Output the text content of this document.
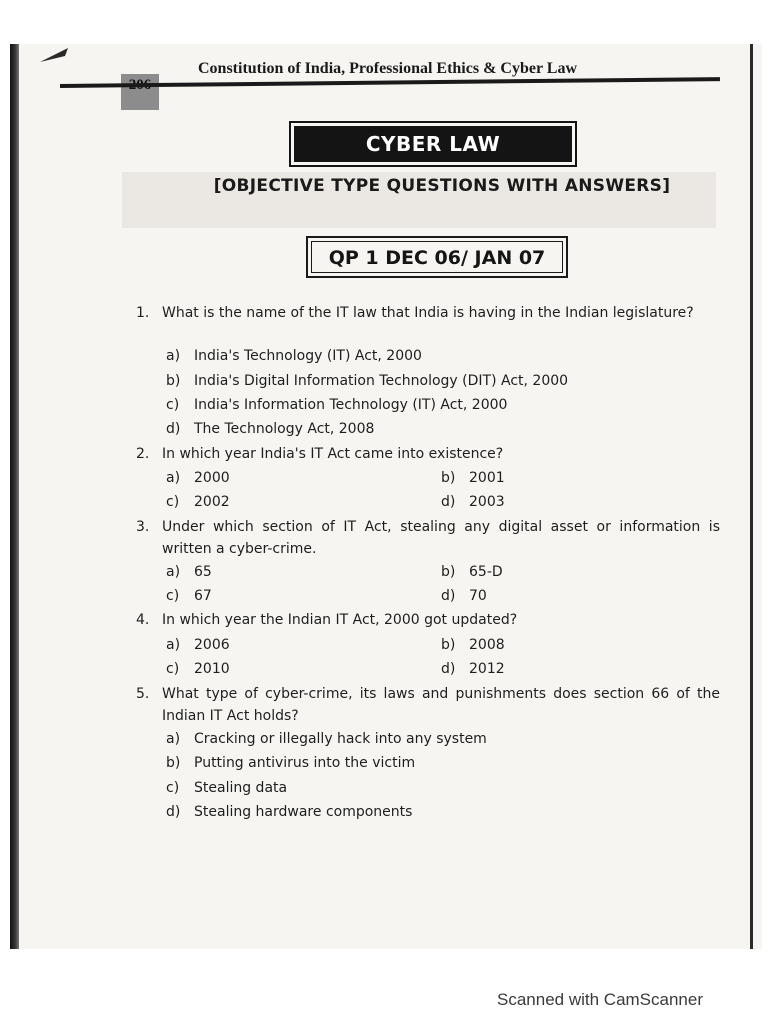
Constitution of India, Professional Ethics & Cyber Law
CYBER LAW
[OBJECTIVE TYPE QUESTIONS WITH ANSWERS]
QP 1 DEC 06/ JAN 07
1. What is the name of the IT law that India is having in the Indian legislature?
a) India's Technology (IT) Act, 2000
b) India's Digital Information Technology (DIT) Act, 2000
c) India's Information Technology (IT) Act, 2000
d) The Technology Act, 2008
2. In which year India's IT Act came into existence?
a) 2000	b) 2001
c) 2002	d) 2003
3. Under which section of IT Act, stealing any digital asset or information is written a cyber-crime.
a) 65	b) 65-D
c) 67	d) 70
4. In which year the Indian IT Act, 2000 got updated?
a) 2006	b) 2008
c) 2010	d) 2012
5. What type of cyber-crime, its laws and punishments does section 66 of the Indian IT Act holds?
a) Cracking or illegally hack into any system
b) Putting antivirus into the victim
c) Stealing data
d) Stealing hardware components
Scanned with CamScanner
